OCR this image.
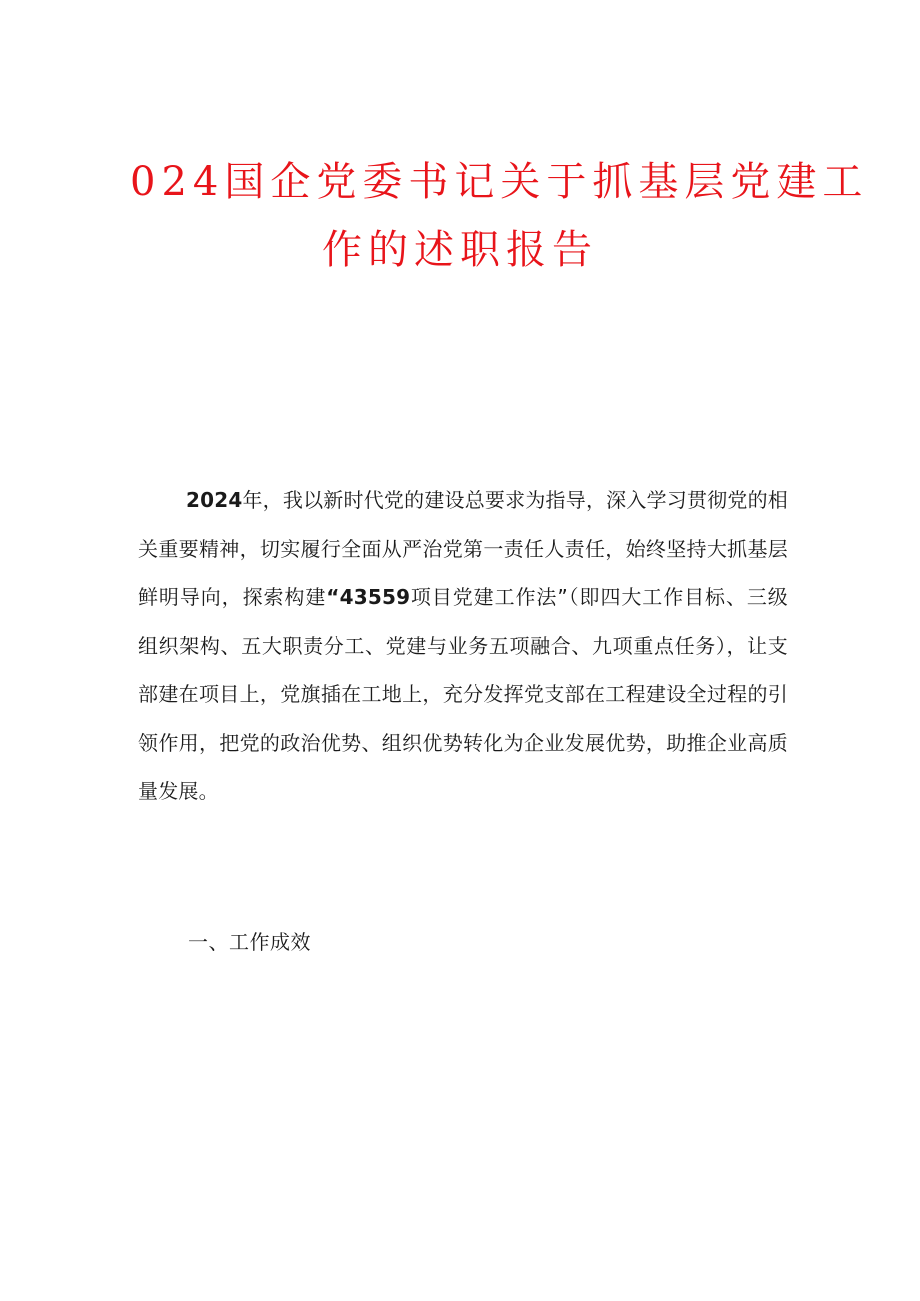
024国企党委书记关于抓基层党建工
作的述职报告

2024年，我以新时代党的建设总要求为指导，深入学习贯彻党的相关重要精神，切实履行全面从严治党第一责任人责任，始终坚持大抓基层鲜明导向，探索构建“43559项目党建工作法”（即四大工作目标、三级组织架构、五大职责分工、党建与业务五项融合、九项重点任务），让支部建在项目上，党旗插在工地上，充分发挥党支部在工程建设全过程的引领作用，把党的政治优势、组织优势转化为企业发展优势，助推企业高质量发展。

一、工作成效
